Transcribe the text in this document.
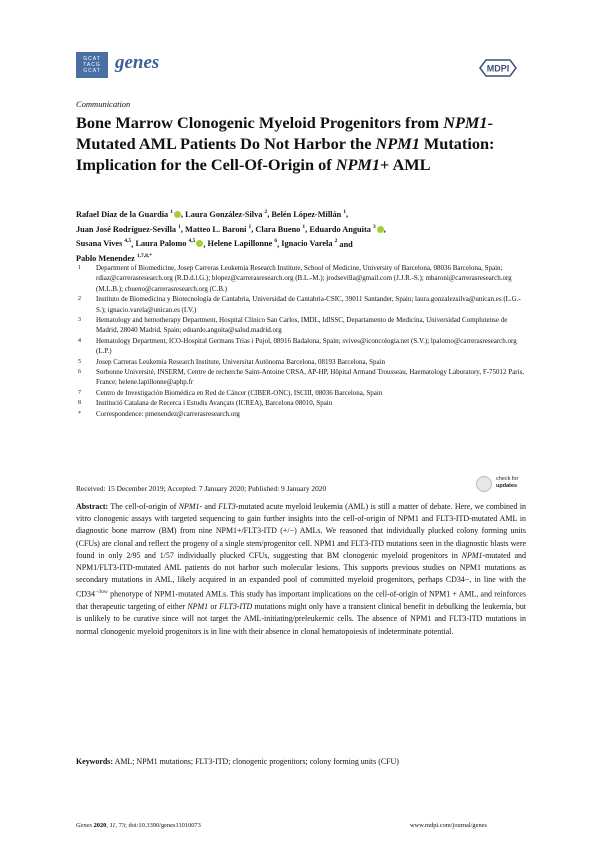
GCAT
TACG
GCAT genes	MDPI
Communication
Bone Marrow Clonogenic Myeloid Progenitors from NPM1-Mutated AML Patients Do Not Harbor the NPM1 Mutation: Implication for the Cell-Of-Origin of NPM1+ AML
Rafael Diaz de la Guardia $^1$ , Laura González-Silva $^2$, Belén López-Millán $^1$,
Juan José Rodríguez-Sevilla $^1$, Matteo L. Baroni $^1$, Clara Bueno $^1$, Eduardo Anguita $^3$ ,
Susana Vives $^{4,5}$, Laura Palomo $^{4,5}$ , Helene Lapillonne $^6$, Ignacio Varela $^2$ and
Pablo Menendez $^{1,7,8,*}$
1	Department of Biomedicine, Josep Carreras Leukemia Research Institute, School of Medicine, University of Barcelona, 08036 Barcelona, Spain; rdiaz@carrerasresearch.org (R.D.d.l.G.); blopez@carrerasresearch.org (B.L.-M.); jrodsevilla@gmail.com (J.J.R.-S.); mbaroni@carrerasresearch.org (M.L.B.); cbueno@carrerasresearch.org (C.B.)
2	Instituto de Biomedicina y Biotecnología de Cantabria, Universidad de Cantabria-CSIC, 39011 Santander, Spain; laura.gonzalezsilva@unican.es (L.G.-S.); ignacio.varela@unican.es (I.V.)
3	Hematology and hemotherapy Department, Hospital Clínico San Carlos, IMDL, IdISSC, Departamento de Medicina, Universidad Complutense de Madrid, 28040 Madrid, Spain; eduardo.anguita@salud.madrid.org
4	Hematology Department, ICO-Hospital Germans Trias i Pujol, 08916 Badalona, Spain; svives@iconcologia.net (S.V.); lpalomo@carrerasresearch.org (L.P.)
5	Josep Carreras Leukemia Research Institute, Universitat Autònoma Barcelona, 08193 Barcelona, Spain
6	Sorbonne Université, INSERM, Centre de recherche Saint-Antoine CRSA, AP-HP, Hôpital Armand Trousseau, Haematology Laboratory, F-75012 Paris, France; helene.lapillonne@aphp.fr
7	Centro de Investigación Biomédica en Red de Cáncer (CIBER-ONC), ISCIII, 08036 Barcelona, Spain
8	Institució Catalana de Recerca i Estudis Avançats (ICREA), Barcelona 08010, Spain
*	Correspondence: pmenendez@carrerasresearch.org
Received: 15 December 2019; Accepted: 7 January 2020; Published: 9 January 2020
check for
updates
Abstract: The cell-of-origin of NPM1- and FLT3-mutated acute myeloid leukemia (AML) is still a matter of debate. Here, we combined in vitro clonogenic assays with targeted sequencing to gain further insights into the cell-of-origin of NPM1 and FLT3-ITD-mutated AML in diagnostic bone marrow (BM) from nine NPM1+/FLT3-ITD (+/−) AMLs. We reasoned that individually plucked colony forming units (CFUs) are clonal and reflect the progeny of a single stem/progenitor cell. NPM1 and FLT3-ITD mutations seen in the diagnostic blasts were found in only 2/95 and 1/57 individually plucked CFUs, suggesting that BM clonogenic myeloid progenitors in NPM1-mutated and NPM1/FLT3-ITD-mutated AML patients do not harbor such molecular lesions. This supports previous studies on NPM1 mutations as secondary mutations in AML, likely acquired in an expanded pool of committed myeloid progenitors, perhaps CD34−, in line with the $CD34^{-/low}$ phenotype of NPM1-mutated AMLs. This study has important implications on the cell-of-origin of NPM1 + AML, and reinforces that therapeutic targeting of either NPM1 or FLT3-ITD mutations might only have a transient clinical benefit in debulking the leukemia, but is unlikely to be curative since will not target the AML-initiating/preleukemic cells. The absence of NPM1 and FLT3-ITD mutations in normal clonogenic myeloid progenitors is in line with their absence in clonal hematopoiesis of indeterminate potential.
Keywords: AML; NPM1 mutations; FLT3-ITD; clonogenic progenitors; colony forming units (CFU)
Genes 2020, 11, 73; doi:10.3390/genes11010073	www.mdpi.com/journal/genes
